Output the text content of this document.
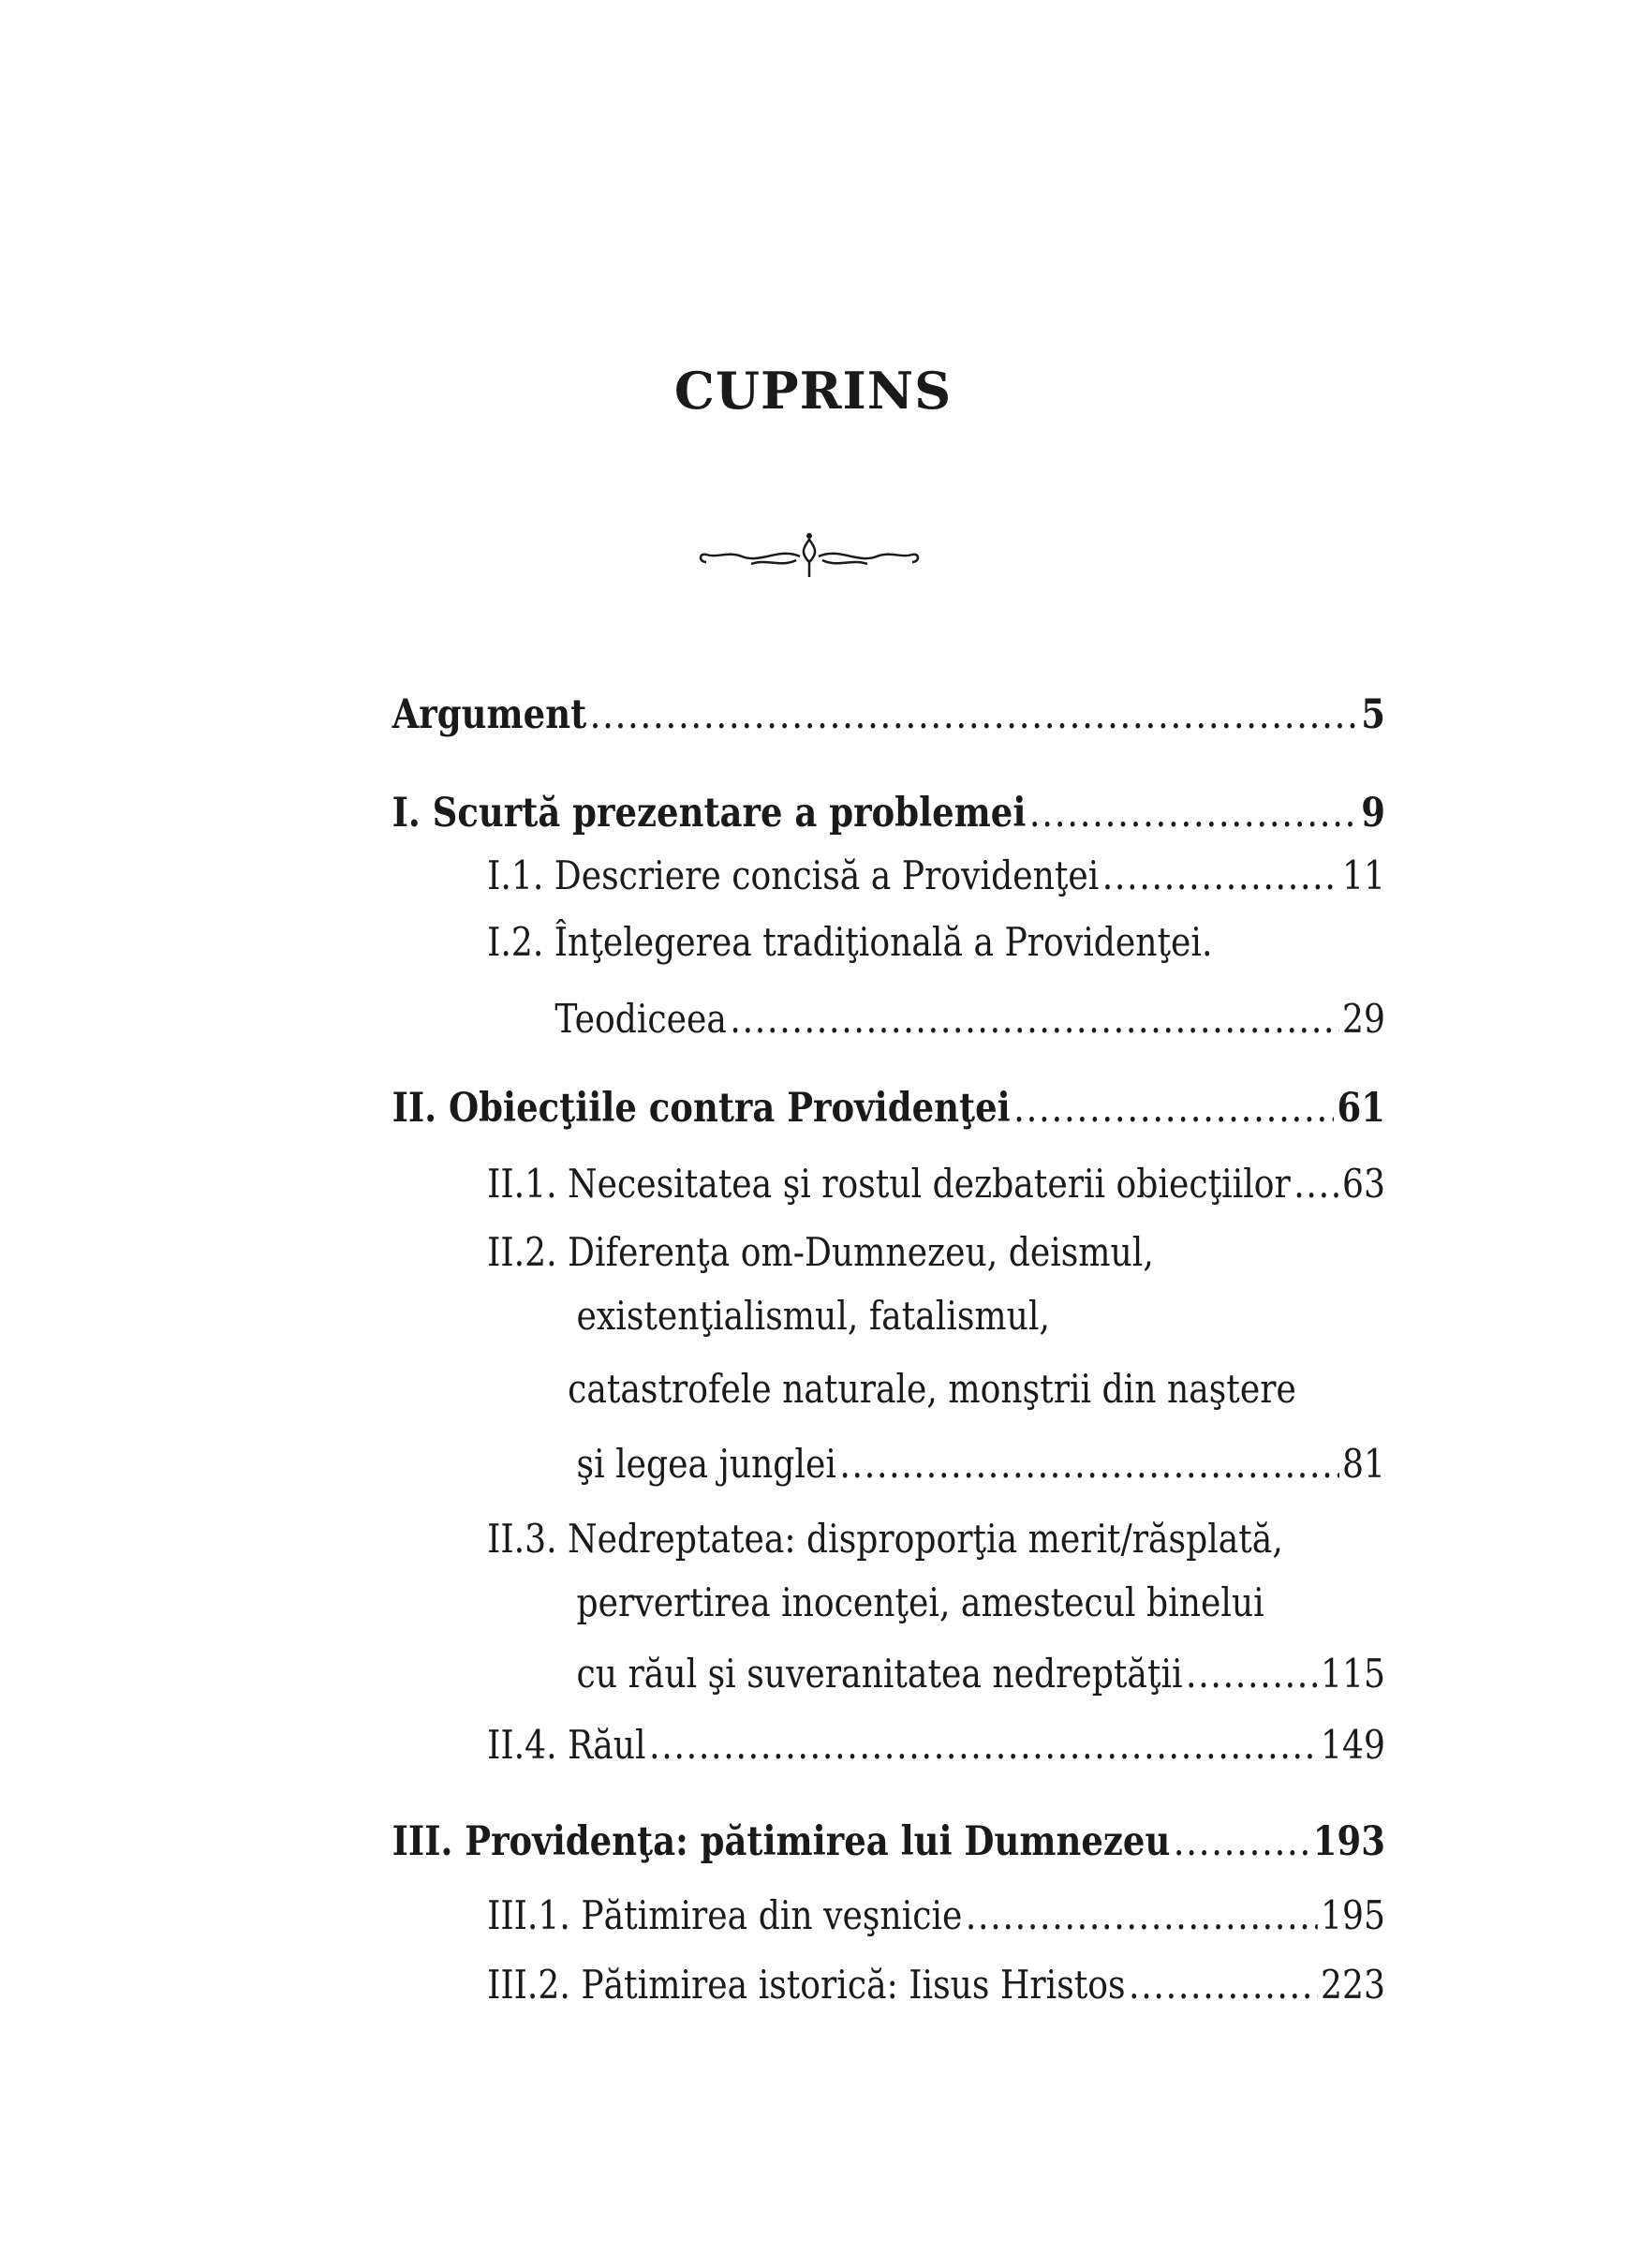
CUPRINS
Argument .....	5
I. Scurtă prezentare a problemei .....	9
I.1. Descriere concisă a Providenţei .....	11
I.2. Înţelegerea tradiţională a Providenţei.
Teodiceea .....	29
II. Obiecţiile contra Providenţei .....	61
II.1. Necesitatea şi rostul dezbaterii obiecţiilor ..... 63
II.2. Diferenţa om-Dumnezeu, deismul,
existenţialismul, fatalismul,
catastrofele naturale, monştrii din naştere
şi legea junglei .....	81
II.3. Nedreptatea: disproporţia merit/răsplată,
pervertirea inocenţei, amestecul binelui
cu răul şi suveranitatea nedreptăţii .....	115
II.4. Răul .....	149
III. Providenţa: pătimirea lui Dumnezeu .....	193
III.1. Pătimirea din veşnicie .....	195
III.2. Pătimirea istorică: Iisus Hristos .....	223
